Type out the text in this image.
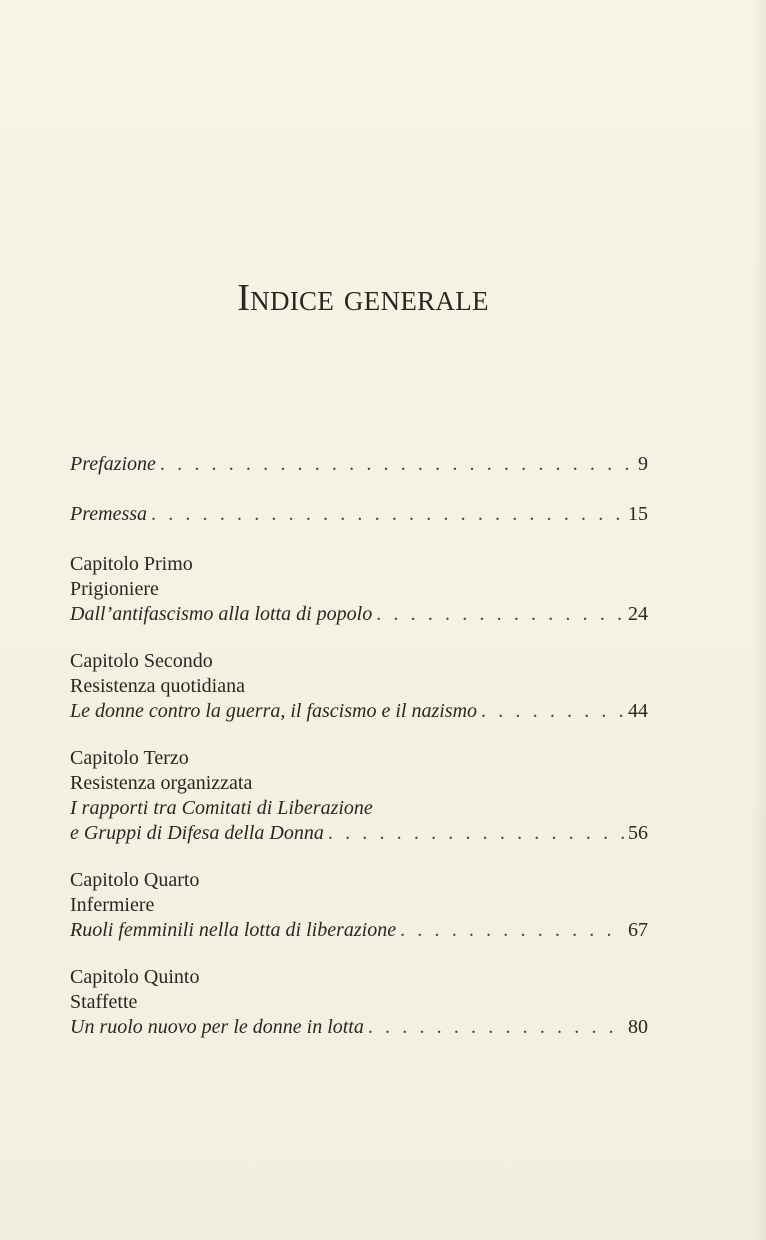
Indice generale
Prefazione . . .	9
Premessa . . .	15
Capitolo Primo
Prigioniere
Dall’antifascismo alla lotta di popolo . . .	24
Capitolo Secondo
Resistenza quotidiana
Le donne contro la guerra, il fascismo e il nazismo . . .	44
Capitolo Terzo
Resistenza organizzata
I rapporti tra Comitati di Liberazione
e Gruppi di Difesa della Donna . . .	56
Capitolo Quarto
Infermiere
Ruoli femminili nella lotta di liberazione . . .	67
Capitolo Quinto
Staffette
Un ruolo nuovo per le donne in lotta . . .	80
